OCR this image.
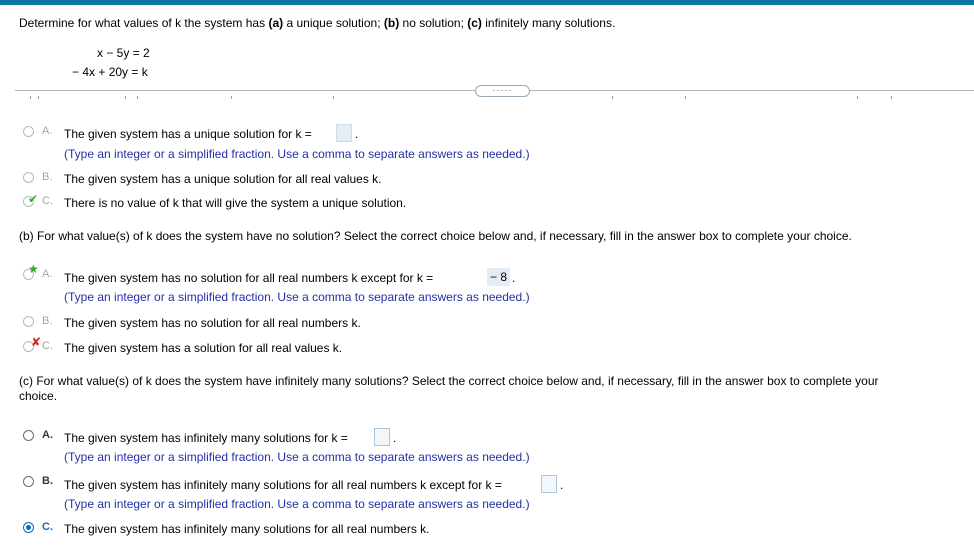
Determine for what values of k the system has (a) a unique solution; (b) no solution; (c) infinitely many solutions.
x − 5y = 2
− 4x + 20y = k
·····
A. The given system has a unique solution for k =	.
(Type an integer or a simplified fraction. Use a comma to separate answers as needed.)
B. The given system has a unique solution for all real values k.
✔ C. There is no value of k that will give the system a unique solution.
(b) For what value(s) of k does the system have no solution? Select the correct choice below and, if necessary, fill in the answer box to complete your choice.
★ A. The given system has no solution for all real numbers k except for k =	− 8 .
(Type an integer or a simplified fraction. Use a comma to separate answers as needed.)
B. The given system has no solution for all real numbers k.
✘ C. The given system has a solution for all real values k.
(c) For what value(s) of k does the system have infinitely many solutions? Select the correct choice below and, if necessary, fill in the answer box to complete your
choice.
A. The given system has infinitely many solutions for k =	.
(Type an integer or a simplified fraction. Use a comma to separate answers as needed.)
B. The given system has infinitely many solutions for all real numbers k except for k =	.
(Type an integer or a simplified fraction. Use a comma to separate answers as needed.)
C. The given system has infinitely many solutions for all real numbers k.
